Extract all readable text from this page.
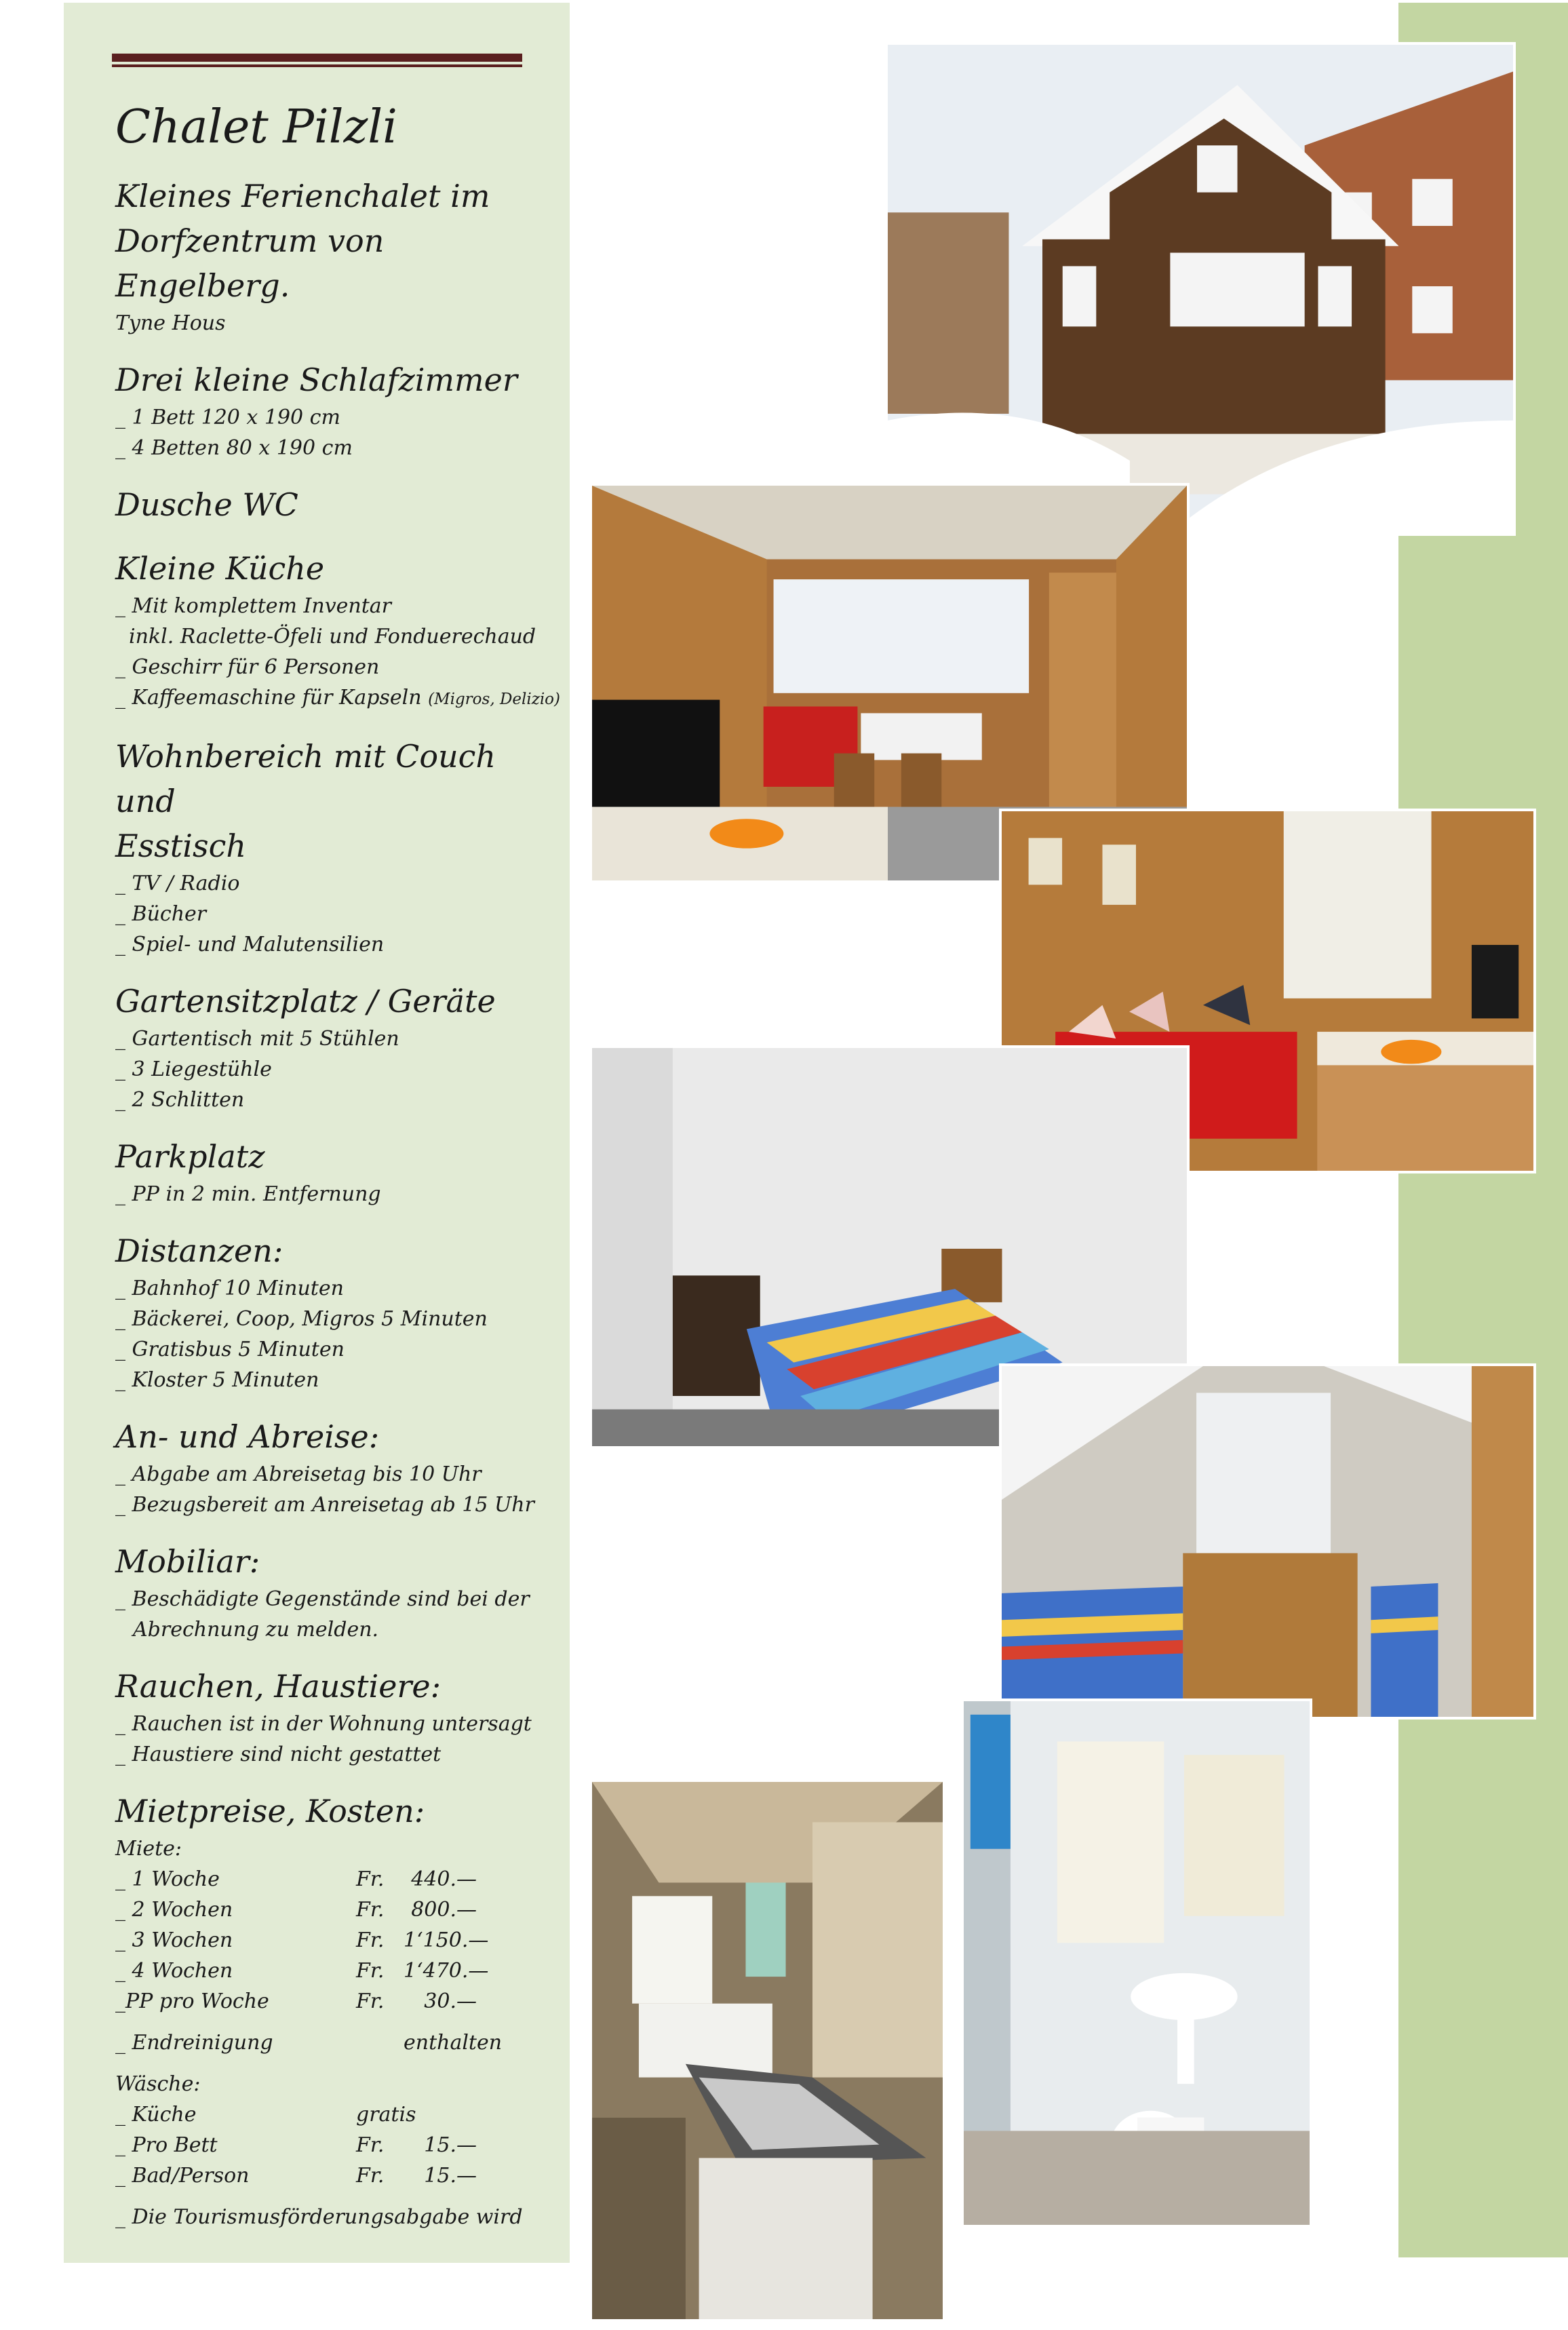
Chalet Pilzli
Kleines Ferienchalet im
Dorfzentrum von Engelberg.
Tyne Hous
Drei kleine Schlafzimmer
_ 1 Bett 120 x 190 cm
_ 4 Betten 80 x 190 cm
Dusche WC
Kleine Küche
_ Mit komplettem Inventar
inkl. Raclette-Öfeli und Fonduerechaud
_ Geschirr für 6 Personen
_ Kaffeemaschine für Kapseln (Migros, Delizio)
Wohnbereich mit Couch und
Esstisch
_ TV / Radio
_ Bücher
_ Spiel- und Malutensilien
Gartensitzplatz / Geräte
_ Gartentisch mit 5 Stühlen
_ 3 Liegestühle
_ 2 Schlitten
Parkplatz
_ PP in 2 min. Entfernung
Distanzen:
_ Bahnhof 10 Minuten
_ Bäckerei, Coop, Migros 5 Minuten
_ Gratisbus 5 Minuten
_ Kloster 5 Minuten
An- und Abreise:
_ Abgabe am Abreisetag bis 10 Uhr
_ Bezugsbereit am Anreisetag ab 15 Uhr
Mobiliar:
_ Beschädigte Gegenstände sind bei der
Abrechnung zu melden.
Rauchen, Haustiere:
_ Rauchen ist in der Wohnung untersagt
_ Haustiere sind nicht gestattet
Mietpreise, Kosten:
Miete:
_ 1 Woche	Fr.	440.—
_ 2 Wochen	Fr.	800.—
_ 3 Wochen	Fr. 1‘150.—
_ 4 Wochen	Fr. 1‘470.—
_PP pro Woche	Fr.	30.—
_ Endreinigung	enthalten
Wäsche:
_ Küche	gratis
_ Pro Bett	Fr.	15.—
_ Bad/Person	Fr.	15.—
_ Die Tourismusförderungsabgabe wird
